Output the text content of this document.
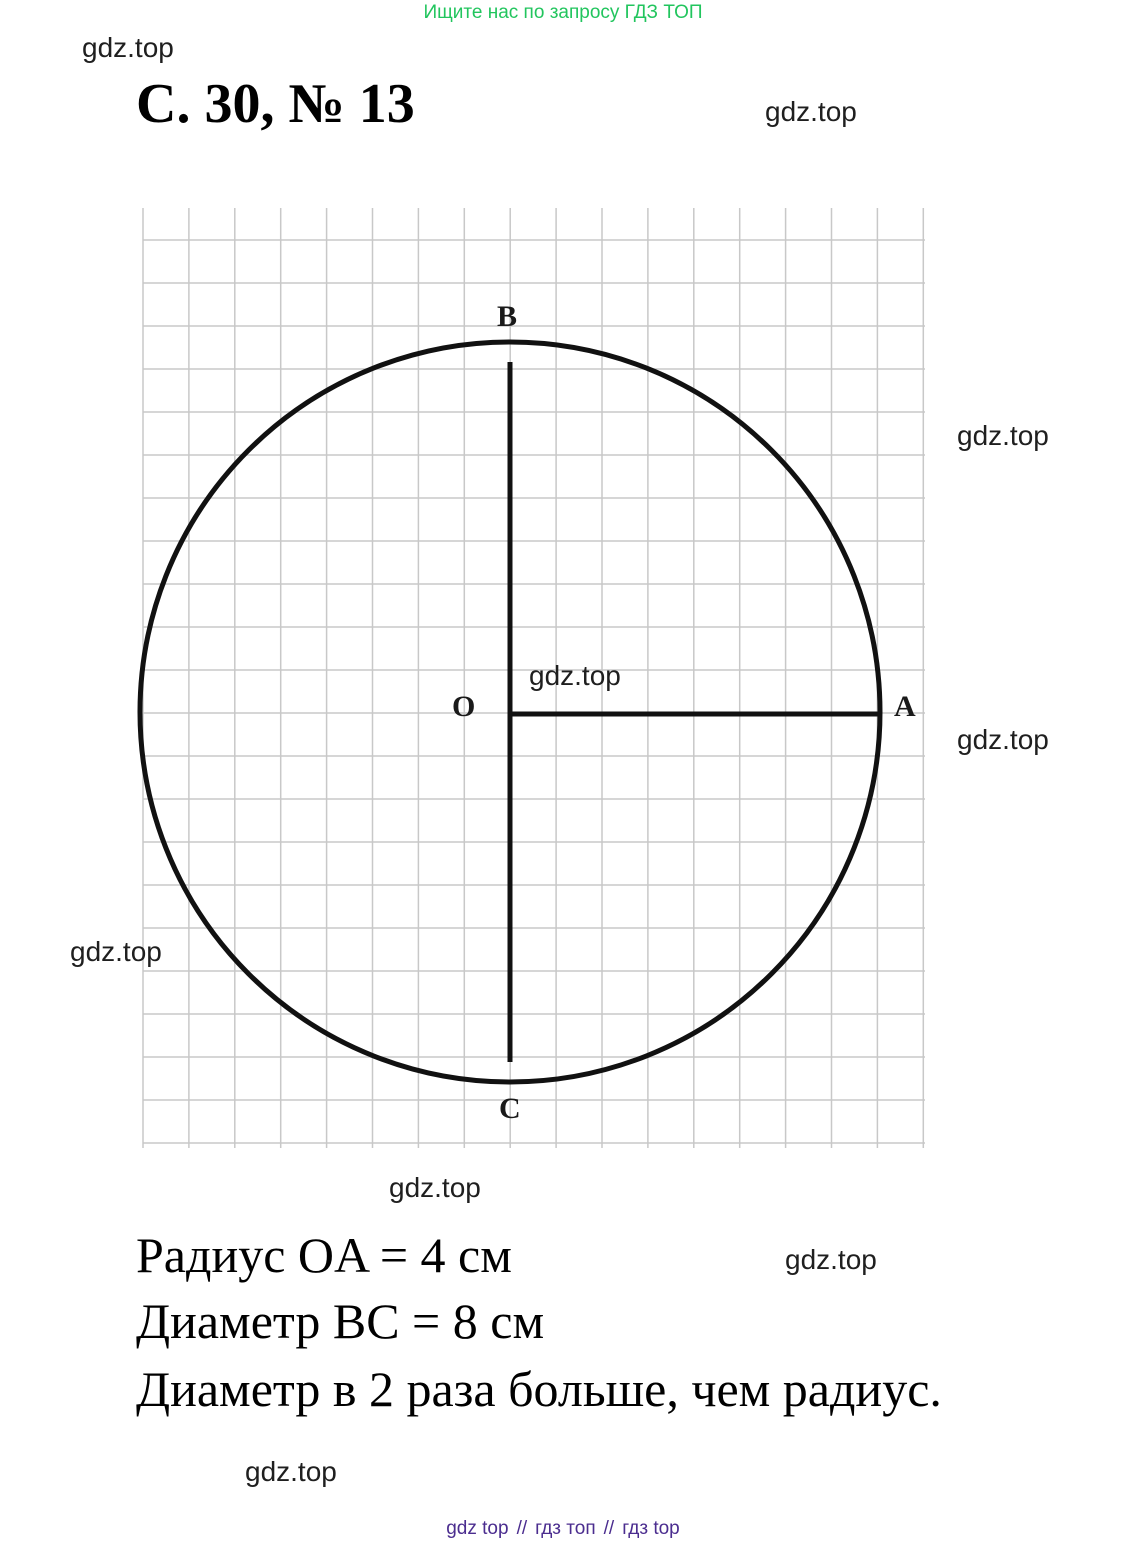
Ищите нас по запросу ГДЗ ТОП
gdz.top
С. 30, № 13	gdz.top
B
O	A
C
gdz.top
gdz.top
gdz.top
gdz.top
gdz.top
gdz.top
Радиус OA = 4 см
Диаметр BC = 8 см
Диаметр в 2 раза больше, чем радиус.
gdz.top
gdz top // гдз топ // гдз top
